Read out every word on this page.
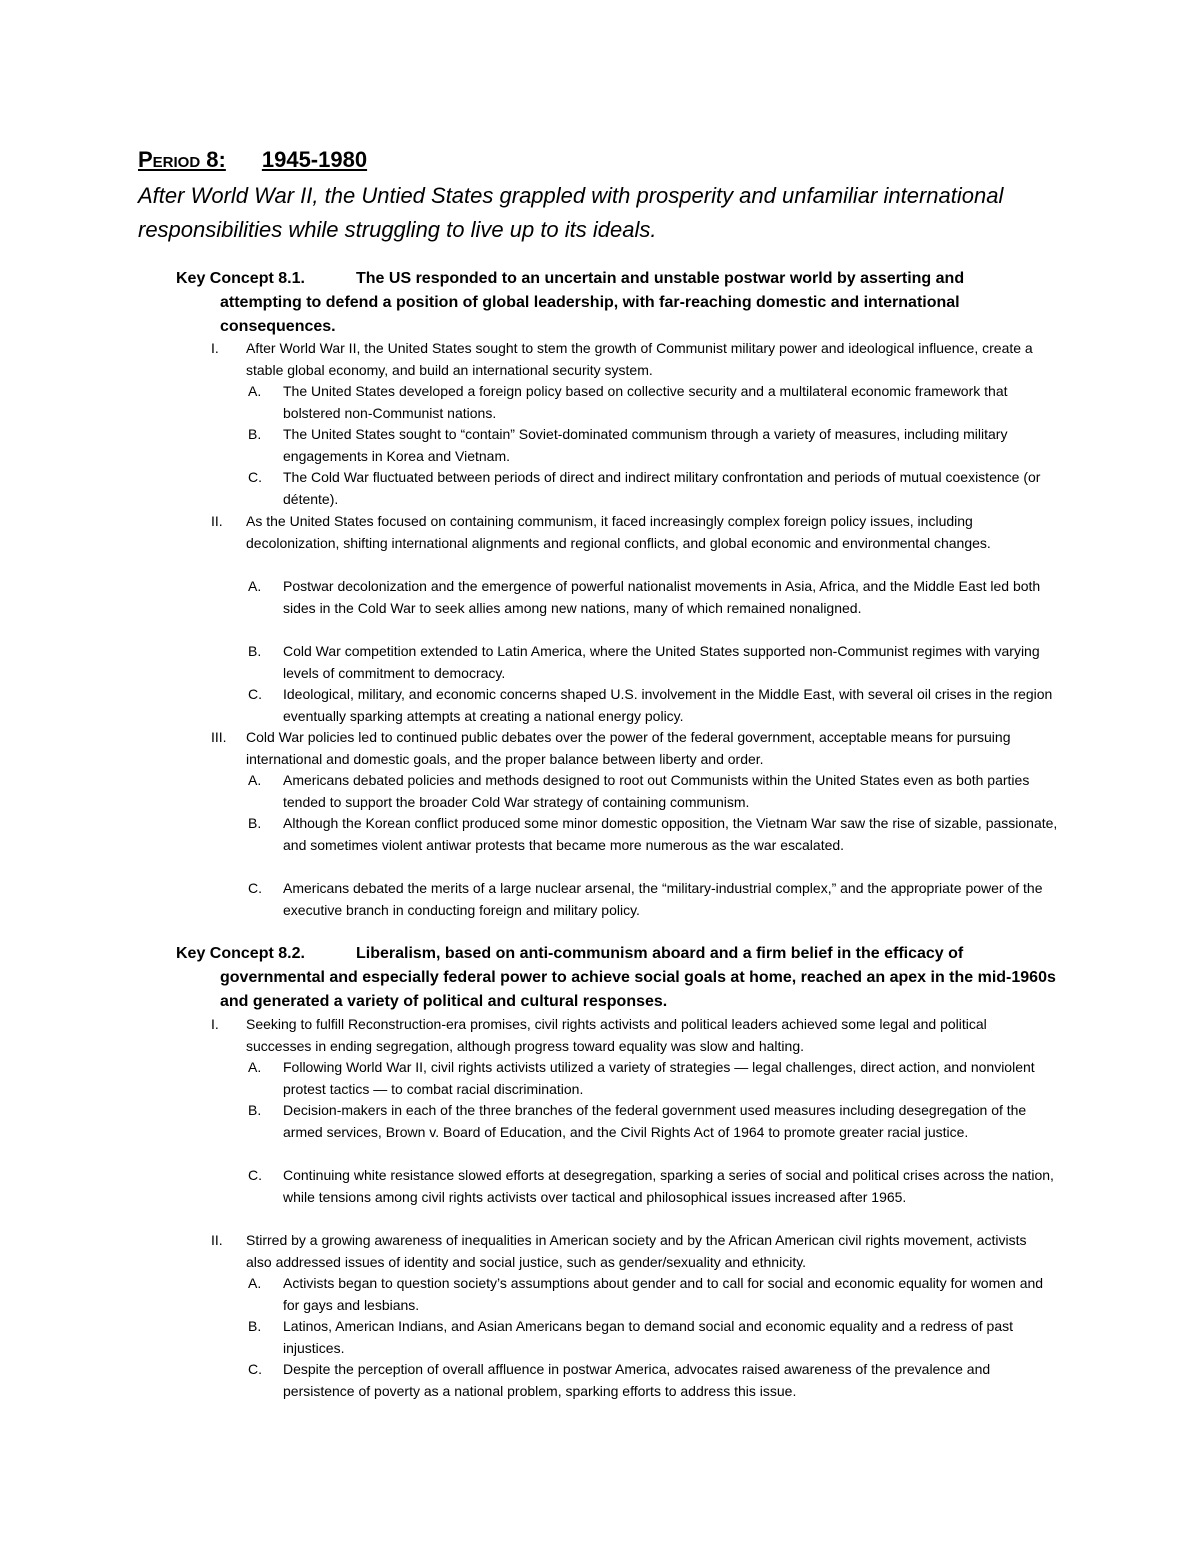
Period 8: 1945-1980
After World War II, the Untied States grappled with prosperity and unfamiliar international responsibilities while struggling to live up to its ideals.
Key Concept 8.1.	The US responded to an uncertain and unstable postwar world by asserting and
attempting to defend a position of global leadership, with far-reaching domestic and international consequences.
I. After World War II, the United States sought to stem the growth of Communist military power and ideological influence, create a stable global economy, and build an international security system.
A. The United States developed a foreign policy based on collective security and a multilateral economic framework that bolstered non-Communist nations.
B. The United States sought to “contain” Soviet-dominated communism through a variety of measures, including military engagements in Korea and Vietnam.
C. The Cold War fluctuated between periods of direct and indirect military confrontation and periods of mutual coexistence (or détente).
II. As the United States focused on containing communism, it faced increasingly complex foreign policy issues, including decolonization, shifting international alignments and regional conflicts, and global economic and environmental changes.
A. Postwar decolonization and the emergence of powerful nationalist movements in Asia, Africa, and the Middle East led both sides in the Cold War to seek allies among new nations, many of which remained nonaligned.
B. Cold War competition extended to Latin America, where the United States supported non-Communist regimes with varying levels of commitment to democracy.
C. Ideological, military, and economic concerns shaped U.S. involvement in the Middle East, with several oil crises in the region eventually sparking attempts at creating a national energy policy.
III. Cold War policies led to continued public debates over the power of the federal government, acceptable means for pursuing international and domestic goals, and the proper balance between liberty and order.
A. Americans debated policies and methods designed to root out Communists within the United States even as both parties tended to support the broader Cold War strategy of containing communism.
B. Although the Korean conflict produced some minor domestic opposition, the Vietnam War saw the rise of sizable, passionate, and sometimes violent antiwar protests that became more numerous as the war escalated.
C. Americans debated the merits of a large nuclear arsenal, the “military-industrial complex,” and the appropriate power of the executive branch in conducting foreign and military policy.
Key Concept 8.2.	Liberalism, based on anti-communism aboard and a firm belief in the efficacy of
governmental and especially federal power to achieve social goals at home, reached an apex in the mid-1960s and generated a variety of political and cultural responses.
I. Seeking to fulfill Reconstruction-era promises, civil rights activists and political leaders achieved some legal and political successes in ending segregation, although progress toward equality was slow and halting.
A. Following World War II, civil rights activists utilized a variety of strategies — legal challenges, direct action, and nonviolent protest tactics — to combat racial discrimination.
B. Decision-makers in each of the three branches of the federal government used measures including desegregation of the armed services, Brown v. Board of Education, and the Civil Rights Act of 1964 to promote greater racial justice.
C. Continuing white resistance slowed efforts at desegregation, sparking a series of social and political crises across the nation, while tensions among civil rights activists over tactical and philosophical issues increased after 1965.
II. Stirred by a growing awareness of inequalities in American society and by the African American civil rights movement, activists also addressed issues of identity and social justice, such as gender/sexuality and ethnicity.
A. Activists began to question society’s assumptions about gender and to call for social and economic equality for women and for gays and lesbians.
B. Latinos, American Indians, and Asian Americans began to demand social and economic equality and a redress of past injustices.
C. Despite the perception of overall affluence in postwar America, advocates raised awareness of the prevalence and persistence of poverty as a national problem, sparking efforts to address this issue.
